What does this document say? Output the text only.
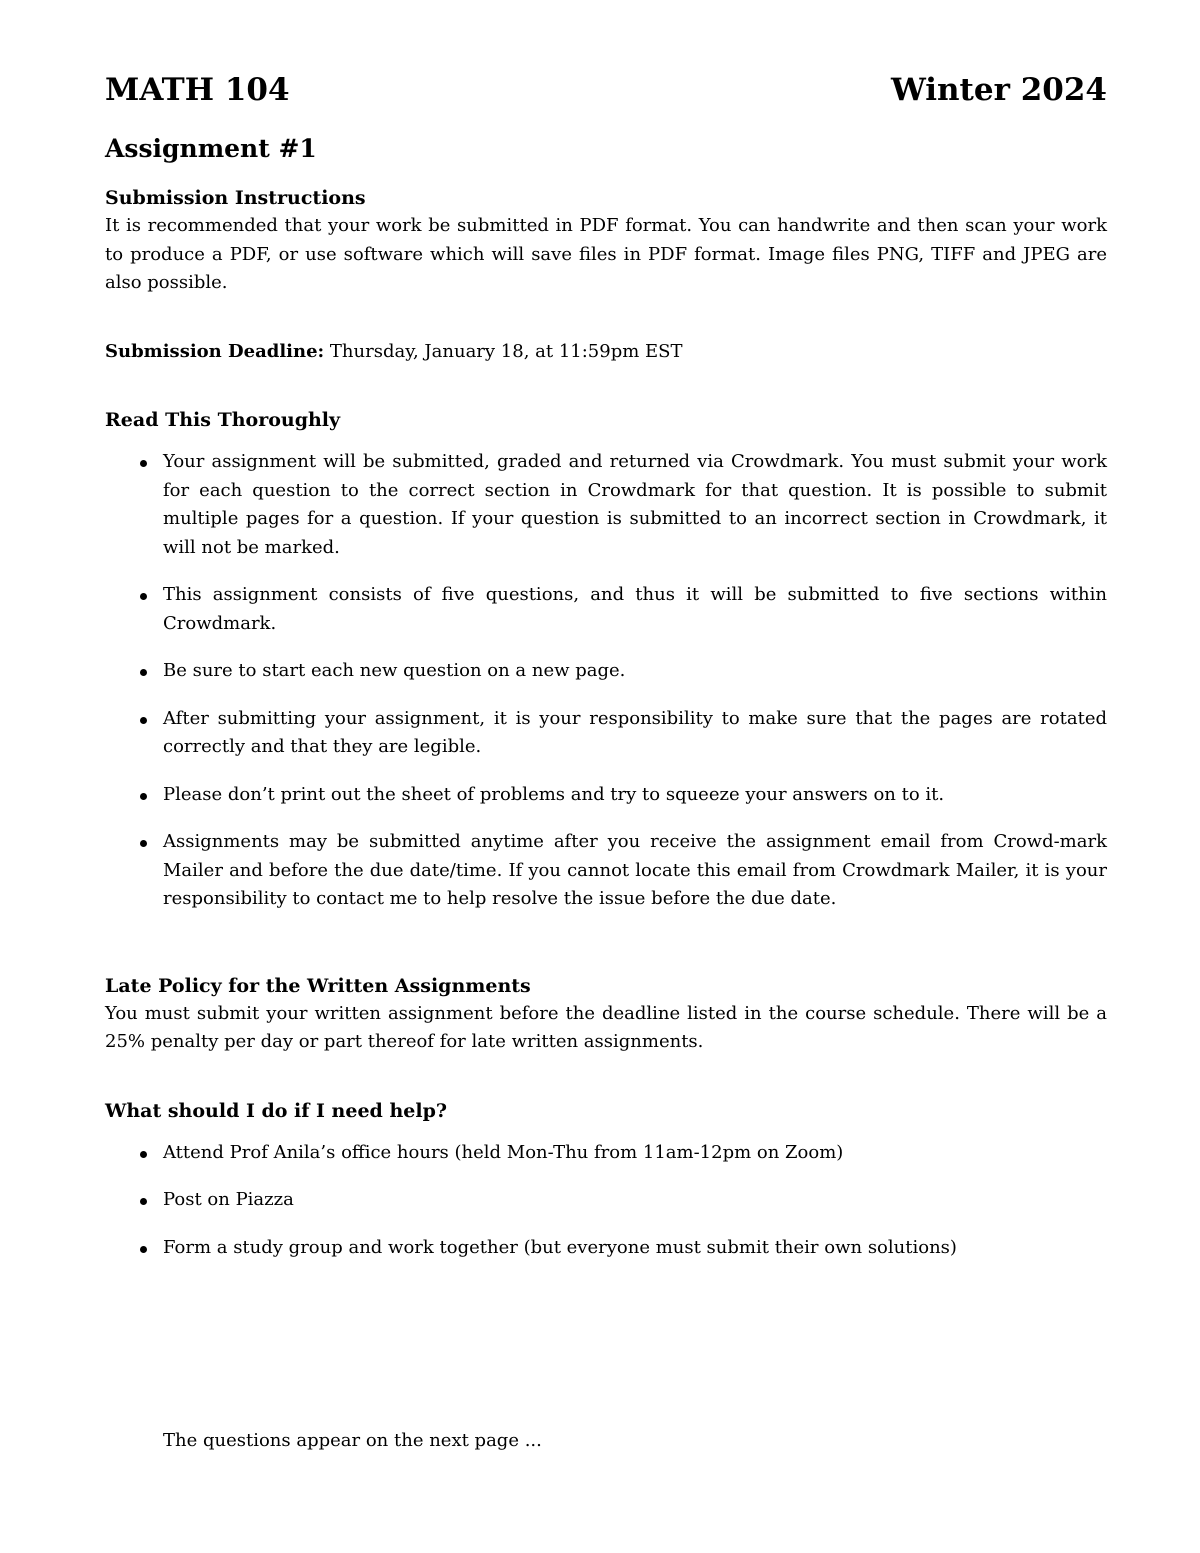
MATH 104	Winter 2024
Assignment #1
Submission Instructions

It is recommended that your work be submitted in PDF format. You can handwrite and then scan your work to produce a PDF, or use software which will save files in PDF format. Image files PNG, TIFF and JPEG are also possible.

Submission Deadline: Thursday, January 18, at 11:59pm EST

Read This Thoroughly
Your assignment will be submitted, graded and returned via Crowdmark. You must submit your work for each question to the correct section in Crowdmark for that question. It is possible to submit multiple pages for a question. If your question is submitted to an incorrect section in Crowdmark, it will not be marked.
This assignment consists of five questions, and thus it will be submitted to five sections within Crowdmark.
Be sure to start each new question on a new page.
After submitting your assignment, it is your responsibility to make sure that the pages are rotated correctly and that they are legible.
Please don’t print out the sheet of problems and try to squeeze your answers on to it.
Assignments may be submitted anytime after you receive the assignment email from Crowd-mark Mailer and before the due date/time. If you cannot locate this email from Crowdmark Mailer, it is your responsibility to contact me to help resolve the issue before the due date.
Late Policy for the Written Assignments

You must submit your written assignment before the deadline listed in the course schedule. There will be a 25% penalty per day or part thereof for late written assignments.

What should I do if I need help?
Attend Prof Anila’s office hours (held Mon-Thu from 11am-12pm on Zoom)
Post on Piazza
Form a study group and work together (but everyone must submit their own solutions)
The questions appear on the next page ...
